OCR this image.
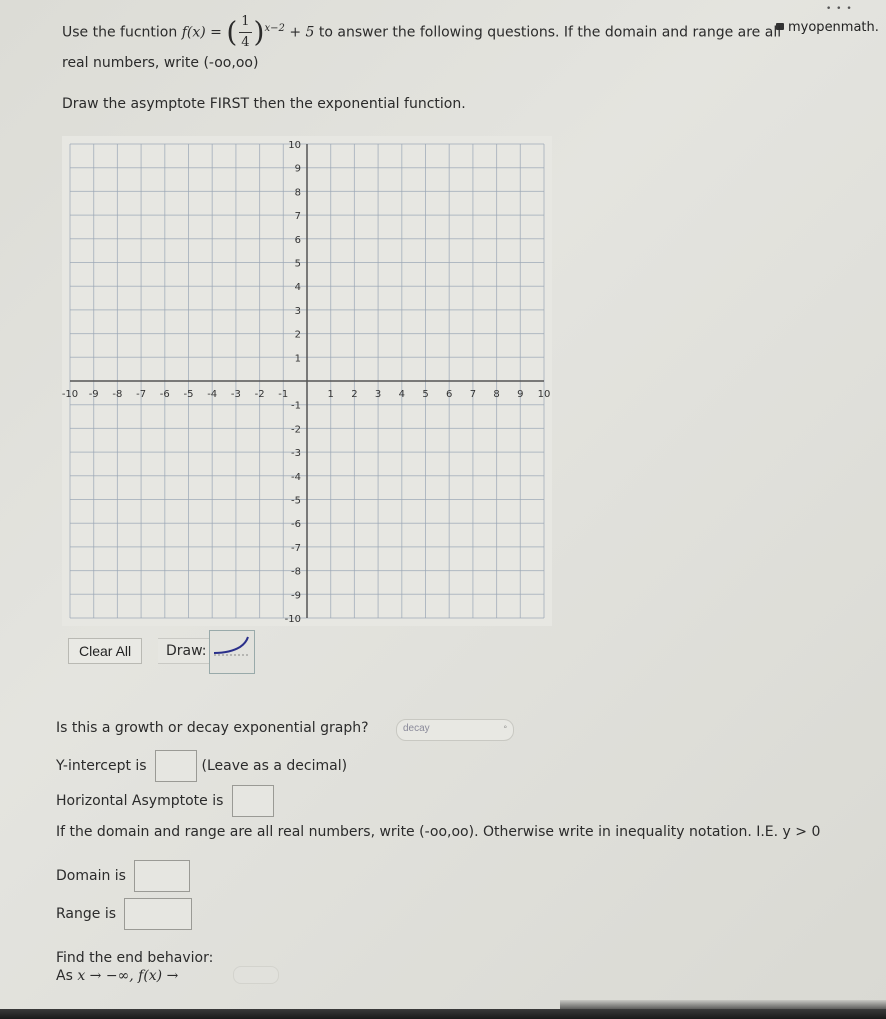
• • •
myopenmath.
Use the fucntion f(x) = ( $\frac{1}{4} )^{x-2} + 5$ to answer the following questions. If the domain and range are all
real numbers, write (-oo,oo)
Draw the asymptote FIRST then the exponential function.
-10 -9 -8 -7 -6 -5 -4 -3 -2 -1	1 2 3 4 5 6 7 8 9 10
10
9
8
7
6
5
4
3
2
1
-1
-2
-3
-4
-5
-6
-7
-8
-9
-10
Clear All	Draw:
Is this a growth or decay exponential graph?	decay	◦
Y-intercept is	(Leave as a decimal)
Horizontal Asymptote is
If the domain and range are all real numbers, write (-oo,oo). Otherwise write in inequality notation. I.E. y > 0
Domain is
Range is
Find the end behavior:
As x → −∞, f(x) →
